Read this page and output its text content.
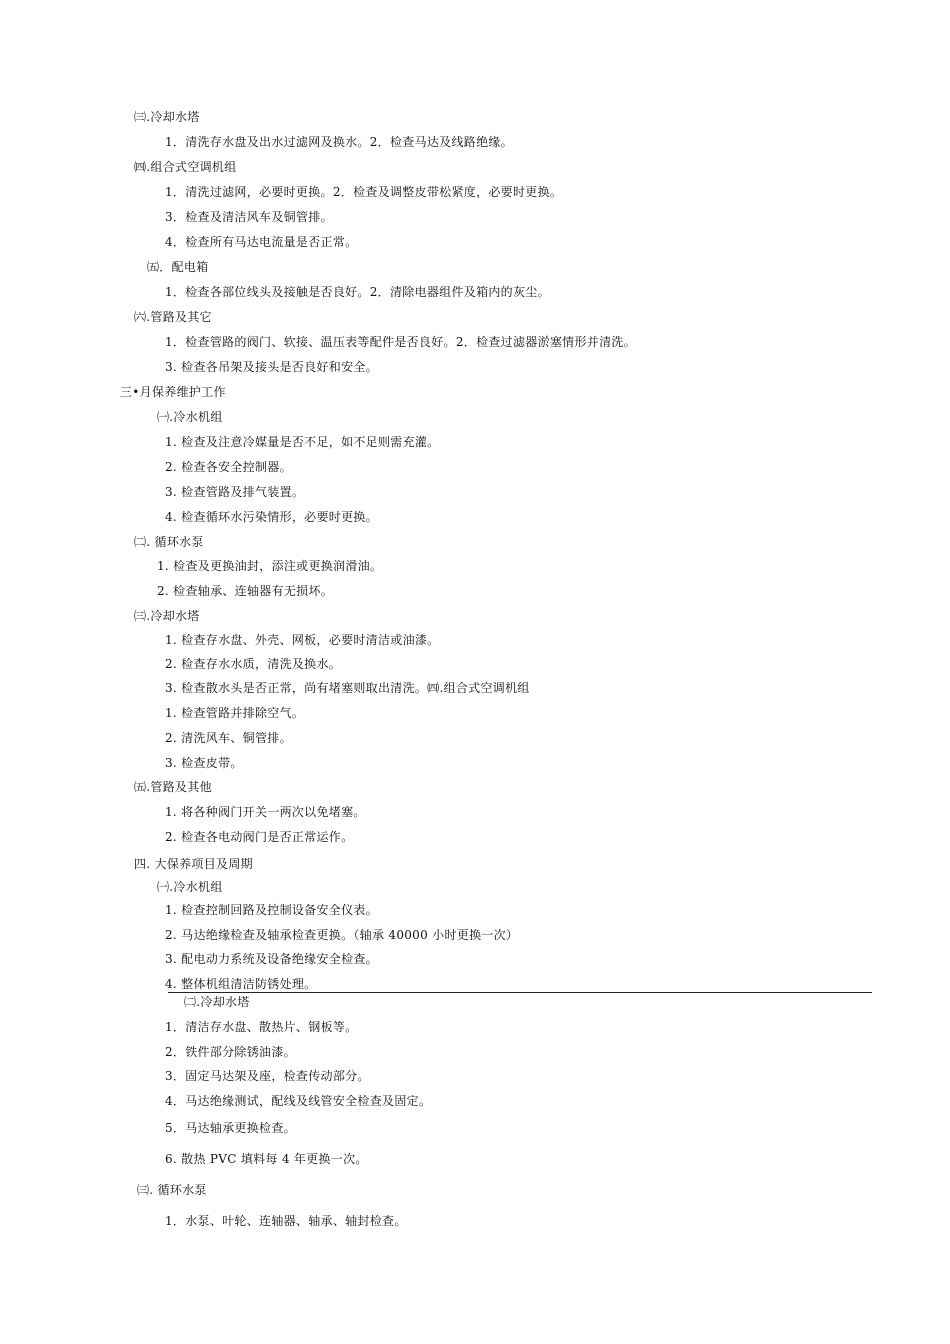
㈢.冷却水塔
1．清洗存水盘及出水过滤网及换水。2．检查马达及线路绝缘。
㈣.组合式空调机组
1．清洗过滤网，必要时更换。2．检查及调整皮带松紧度，必要时更换。
3．检查及清洁风车及铜管排。
4．检查所有马达电流量是否正常。
㈤．配电箱
1．检查各部位线头及接触是否良好。2．清除电器组件及箱内的灰尘。
㈥.管路及其它
1．检查管路的阀门、软接、温压表等配件是否良好。2．检查过滤器淤塞情形并清洗。
3. 检查各吊架及接头是否良好和安全。
三•月保养维护工作
㈠.冷水机组
1. 检查及注意冷媒量是否不足，如不足则需充灌。
2. 检查各安全控制器。
3. 检查管路及排气装置。
4. 检查循环水污染情形，必要时更换。
㈡. 循环水泵
1. 检查及更换油封，添注或更换润滑油。
2. 检查轴承、连轴器有无损坏。
㈢.冷却水塔
1. 检查存水盘、外壳、网板，必要时清洁或油漆。
2. 检查存水水质，清洗及换水。
3. 检查散水头是否正常，尚有堵塞则取出清洗。㈣.组合式空调机组
1. 检查管路并排除空气。
2. 清洗风车、铜管排。
3. 检查皮带。
㈤.管路及其他
1. 将各种阀门开关一两次以免堵塞。
2. 检查各电动阀门是否正常运作。
四. 大保养项目及周期
㈠.冷水机组
1. 检查控制回路及控制设备安全仪表。
2. 马达绝缘检查及轴承检查更换。（轴承 40000 小时更换一次）
3. 配电动力系统及设备绝缘安全检查。
4. 整体机组清洁防锈处理。
㈡.冷却水塔
1．清洁存水盘、散热片、钢板等。
2．铁件部分除锈油漆。
3．固定马达架及座，检查传动部分。
4．马达绝缘测试，配线及线管安全检查及固定。
5．马达轴承更换检查。
6. 散热 PVC 填料每 4 年更换一次。
㈢. 循环水泵
1．水泵、叶轮、连轴器、轴承、轴封检查。
